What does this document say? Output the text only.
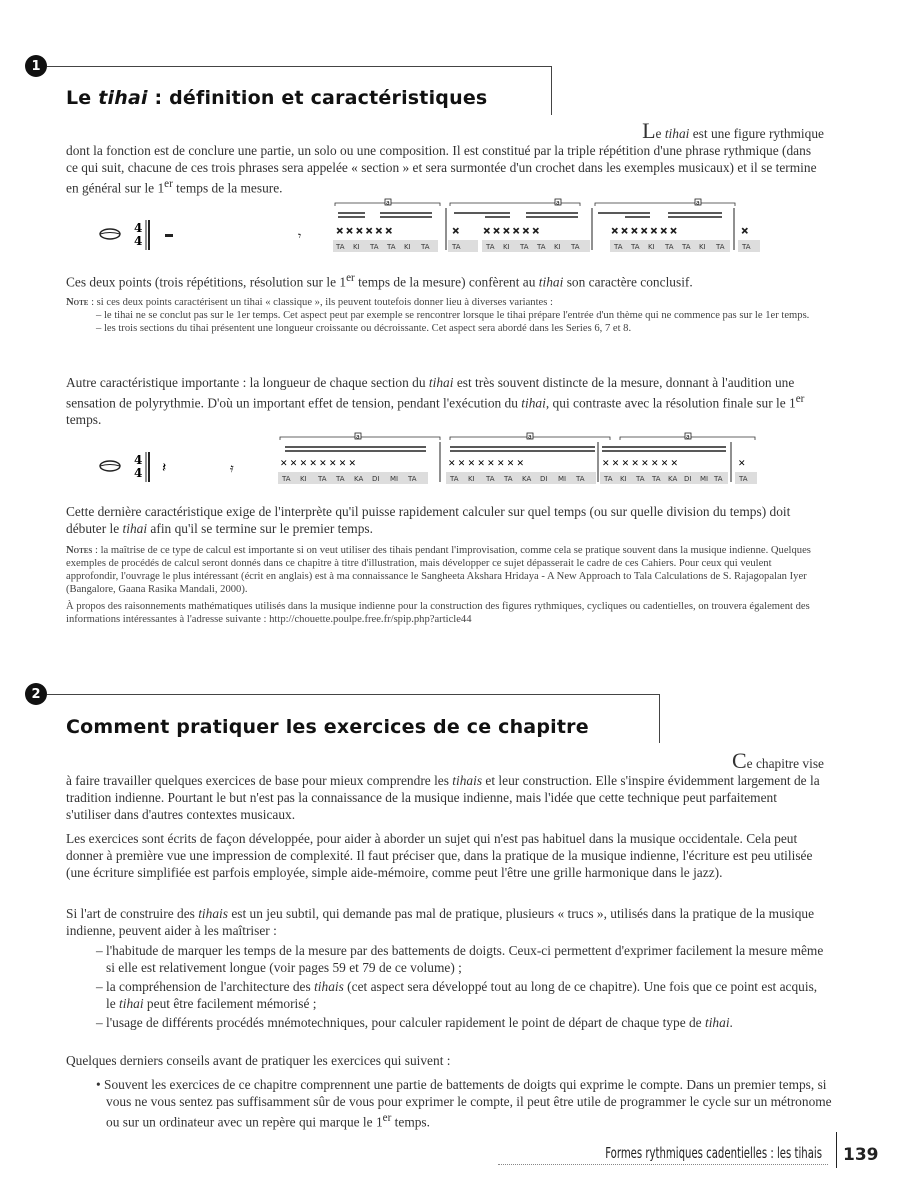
1
Le tihai : définition et caractéristiques
Le tihai est une figure rythmique
dont la fonction est de conclure une partie, un solo ou une composition. Il est constitué par la triple répétition d'une phrase rythmique (dans ce qui suit, chacune de ces trois phrases sera appelée « section » et sera surmontée d'un crochet dans les exemples musicaux) et il se termine en général sur le 1er temps de la mesure.
4
4	𝄾
a	a	a
✕ ✕ ✕ ✕ ✕ ✕	✕	✕ ✕ ✕ ✕ ✕ ✕	✕ ✕ ✕ ✕ ✕ ✕ ✕	✕
TA KI TA TA KI TA	TA	TA KI TA TA KI TA	TA TA KI TA TA KI TA TA
Ces deux points (trois répétitions, résolution sur le 1er temps de la mesure) confèrent au tihai son caractère conclusif.
Note : si ces deux points caractérisent un tihai « classique », ils peuvent toutefois donner lieu à diverses variantes :
– le tihai ne se conclut pas sur le 1er temps. Cet aspect peut par exemple se rencontrer lorsque le tihai prépare l'entrée d'un thème qui ne commence pas sur le 1er temps.
– les trois sections du tihai présentent une longueur croissante ou décroissante. Cet aspect sera abordé dans les Series 6, 7 et 8.
Autre caractéristique importante : la longueur de chaque section du tihai est très souvent distincte de la mesure, donnant à l'audition une sensation de polyrythmie. D'où un important effet de tension, pendant l'exécution du tihai, qui contraste avec la résolution finale sur le 1er temps.
4
4 𝄽	𝄿
a	a	a
✕ ✕ ✕ ✕ ✕ ✕ ✕ ✕	✕ ✕ ✕ ✕ ✕ ✕ ✕ ✕	✕ ✕ ✕ ✕ ✕ ✕ ✕ ✕	✕
TA KI TA TA KA DI MI TA	TA KI TA TA KA DI MI TA	TA KI TA TA KA DI MI TA TA
Cette dernière caractéristique exige de l'interprète qu'il puisse rapidement calculer sur quel temps (ou sur quelle division du temps) doit débuter le tihai afin qu'il se termine sur le premier temps.
Notes : la maîtrise de ce type de calcul est importante si on veut utiliser des tihais pendant l'improvisation, comme cela se pratique souvent dans la musique indienne. Quelques exemples de procédés de calcul seront donnés dans ce chapitre à titre d'illustration, mais développer ce sujet dépasserait le cadre de ces Cahiers. Pour ceux qui veulent approfondir, l'ouvrage le plus intéressant (écrit en anglais) est à ma connaissance le Sangheeta Akshara Hridaya - A New Approach to Tala Calculations de S. Rajagopalan Iyer (Bangalore, Gaana Rasika Mandali, 2000).
À propos des raisonnements mathématiques utilisés dans la musique indienne pour la construction des figures rythmiques, cycliques ou cadentielles, on trouvera également des informations intéressantes à l'adresse suivante : http://chouette.poulpe.free.fr/spip.php?article44
2
Comment pratiquer les exercices de ce chapitre
Ce chapitre vise
à faire travailler quelques exercices de base pour mieux comprendre les tihais et leur construction. Elle s'inspire évidemment largement de la tradition indienne. Pourtant le but n'est pas la connaissance de la musique indienne, mais l'idée que cette technique peut parfaitement s'utiliser dans d'autres contextes musicaux.
Les exercices sont écrits de façon développée, pour aider à aborder un sujet qui n'est pas habituel dans la musique occidentale. Cela peut donner à première vue une impression de complexité. Il faut préciser que, dans la pratique de la musique indienne, l'écriture est peu utilisée (une écriture simplifiée est parfois employée, simple aide-mémoire, comme peut l'être une grille harmonique dans le jazz).
Si l'art de construire des tihais est un jeu subtil, qui demande pas mal de pratique, plusieurs « trucs », utilisés dans la pratique de la musique indienne, peuvent aider à les maîtriser :
– l'habitude de marquer les temps de la mesure par des battements de doigts. Ceux-ci permettent d'exprimer facilement la mesure même si elle est relativement longue (voir pages 59 et 79 de ce volume) ;
– la compréhension de l'architecture des tihais (cet aspect sera développé tout au long de ce chapitre). Une fois que ce point est acquis, le tihai peut être facilement mémorisé ;
– l'usage de différents procédés mnémotechniques, pour calculer rapidement le point de départ de chaque type de tihai.
Quelques derniers conseils avant de pratiquer les exercices qui suivent :
• Souvent les exercices de ce chapitre comprennent une partie de battements de doigts qui exprime le compte. Dans un premier temps, si vous ne vous sentez pas suffisamment sûr de vous pour exprimer le compte, il peut être utile de programmer le cycle sur un métronome ou sur un ordinateur avec un repère qui marque le 1er temps.
Formes rythmiques cadentielles : les tihais 139
